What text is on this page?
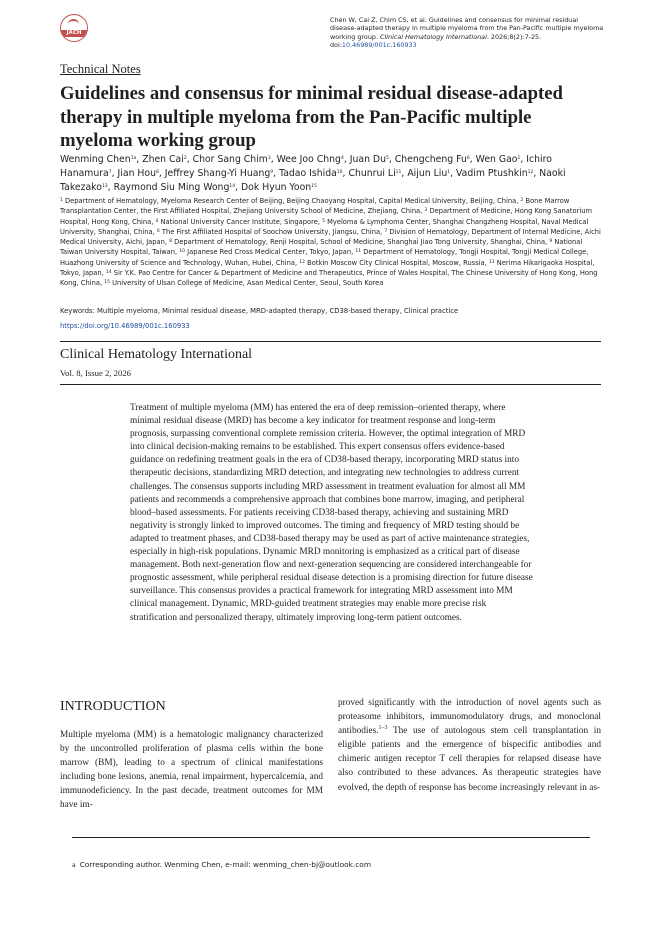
JACH
Chen W, Cai Z, Chim CS, et al. Guidelines and consensus for minimal residual disease-adapted therapy in multiple myeloma from the Pan-Pacific multiple myeloma working group. Clinical Hematology International. 2026;8(2):7-25. doi:10.46989/001c.160933
Technical Notes
Guidelines and consensus for minimal residual disease-adapted therapy in multiple myeloma from the Pan-Pacific multiple myeloma working group
Wenming Chen$^{1a}$, Zhen Cai$^2$, Chor Sang Chim$^3$, Wee Joo Chng$^4$, Juan Du$^5$, Chengcheng Fu$^6$, Wen Gao$^1$, Ichiro Hanamura$^7$, Jian Hou$^8$, Jeffrey Shang-Yi Huang$^9$, Tadao Ishida$^{10}$, Chunrui Li$^{11}$, Aijun Liu$^1$, Vadim Ptushkin$^{12}$, Naoki Takezako$^{13}$, Raymond Siu Ming Wong$^{14}$, Dok Hyun Yoon$^{15}$
$^1$ Department of Hematology, Myeloma Research Center of Beijing, Beijing Chaoyang Hospital, Capital Medical University, Beijing, China, $^2$ Bone Marrow Transplantation Center, the First Affiliated Hospital, Zhejiang University School of Medicine, Zhejiang, China, $^3$ Department of Medicine, Hong Kong Sanatorium Hospital, Hong Kong, China, $^4$ National University Cancer Institute, Singapore, $^5$ Myeloma & Lymphoma Center, Shanghai Changzheng Hospital, Naval Medical University, Shanghai, China, $^6$ The First Affiliated Hospital of Soochow University, Jiangsu, China, $^7$ Division of Hematology, Department of Internal Medicine, Aichi Medical University, Aichi, Japan, $^8$ Department of Hematology, Renji Hospital, School of Medicine, Shanghai Jiao Tong University, Shanghai, China, $^9$ National Taiwan University Hospital, Taiwan, $^{10}$ Japanese Red Cross Medical Center, Tokyo, Japan, $^{11}$ Department of Hematology, Tongji Hospital, Tongji Medical College, Huazhong University of Science and Technology, Wuhan, Hubei, China, $^{12}$ Botkin Moscow City Clinical Hospital, Moscow, Russia, $^{13}$ Nerima Hikarigaoka Hospital, Tokyo, Japan, $^{14}$ Sir Y.K. Pao Centre for Cancer & Department of Medicine and Therapeutics, Prince of Wales Hospital, The Chinese University of Hong Kong, Hong Kong, China, $^{15}$ University of Ulsan College of Medicine, Asan Medical Center, Seoul, South Korea
Keywords: Multiple myeloma, Minimal residual disease, MRD-adapted therapy, CD38-based therapy, Clinical practice
https://doi.org/10.46989/001c.160933
Clinical Hematology International
Vol. 8, Issue 2, 2026

Treatment of multiple myeloma (MM) has entered the era of deep remission–oriented therapy, where minimal residual disease (MRD) has become a key indicator for treatment response and long-term prognosis, surpassing conventional complete remission criteria. However, the optimal integration of MRD into clinical decision-making remains to be established. This expert consensus offers evidence-based guidance on redefining treatment goals in the era of CD38-based therapy, incorporating MRD status into therapeutic decisions, standardizing MRD detection, and integrating new technologies to address current challenges. The consensus supports including MRD assessment in treatment evaluation for almost all MM patients and recommends a comprehensive approach that combines bone marrow, imaging, and peripheral blood–based assessments. For patients receiving CD38-based therapy, achieving and sustaining MRD negativity is strongly linked to improved outcomes. The timing and frequency of MRD testing should be adapted to treatment phases, and CD38-based therapy may be used as part of active maintenance strategies, especially in high-risk populations. Dynamic MRD monitoring is emphasized as a critical part of disease management. Both next-generation flow and next-generation sequencing are considered interchangeable for prognostic assessment, while peripheral residual disease detection is a promising direction for future disease surveillance. This consensus provides a practical framework for integrating MRD assessment into MM clinical management. Dynamic, MRD-guided treatment strategies may enable more precise risk stratification and personalized therapy, ultimately improving long-term patient outcomes.

INTRODUCTION

Multiple myeloma (MM) is a hematologic malignancy characterized by the uncontrolled proliferation of plasma cells within the bone marrow (BM), leading to a spectrum of clinical manifestations including bone lesions, anemia, renal impairment, hypercalcemia, and immunodeficiency. In the past decade, treatment outcomes for MM have im-

proved significantly with the introduction of novel agents such as proteasome inhibitors, immunomodulatory drugs, and monoclonal antibodies.$^{1-3}$ The use of autologous stem cell transplantation in eligible patients and the emergence of bispecific antibodies and chimeric antigen receptor T cell therapies for relapsed disease have also contributed to these advances. As therapeutic strategies have evolved, the depth of response has become increasingly relevant in as-

a Corresponding author. Wenming Chen, e-mail: wenming_chen-bj@outlook.com
